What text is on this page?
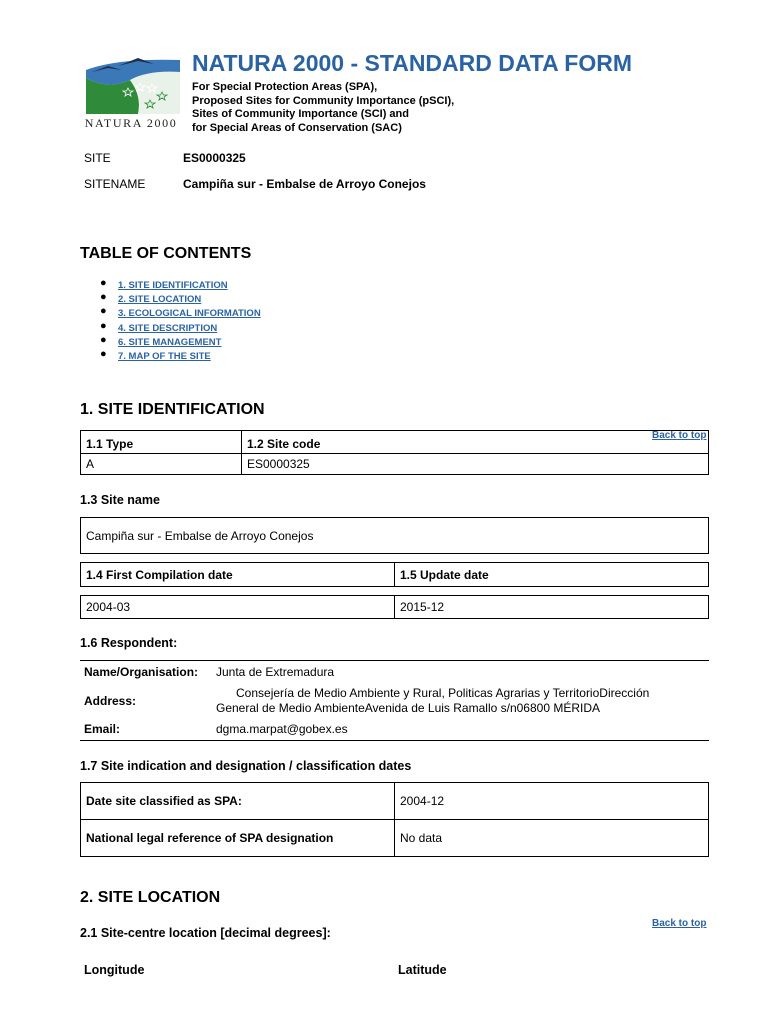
NATURA 2000
NATURA 2000 - STANDARD DATA FORM
For Special Protection Areas (SPA),
Proposed Sites for Community Importance (pSCI),
Sites of Community Importance (SCI) and
for Special Areas of Conservation (SAC)
SITE	ES0000325
SITENAME	Campiña sur - Embalse de Arroyo Conejos
TABLE OF CONTENTS
● 1. SITE IDENTIFICATION
● 2. SITE LOCATION
● 3. ECOLOGICAL INFORMATION
● 4. SITE DESCRIPTION
● 6. SITE MANAGEMENT
● 7. MAP OF THE SITE
1. SITE IDENTIFICATION
Back to top
1.1 Type	1.2 Site code
A	ES0000325
1.3 Site name
Campiña sur - Embalse de Arroyo Conejos
1.4 First Compilation date	1.5 Update date
2004-03	2015-12
1.6 Respondent:
Name/Organisation: Junta de Extremadura
Address:
Consejería de Medio Ambiente y Rural, Politicas Agrarias y TerritorioDirección
General de Medio AmbienteAvenida de Luis Ramallo s/n06800 MÉRIDA
Email:	dgma.marpat@gobex.es
1.7 Site indication and designation / classification dates
Date site classified as SPA:	2004-12
National legal reference of SPA designation	No data
2. SITE LOCATION
Back to top
2.1 Site-centre location [decimal degrees]:
Longitude	Latitude
